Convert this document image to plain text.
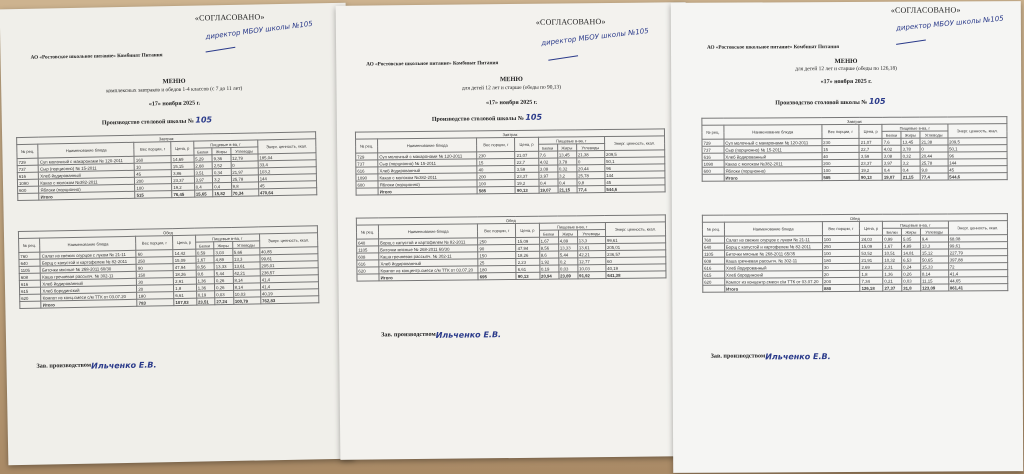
«СОГЛАСОВАНО»
директор МБОУ школы №105
АО «Ростовское школьное питание» Комбинат Питания
МЕНЮ
комплексных завтраков и обедов 1-4 классов (с 7 до 11 лет)
«17» ноября 2025 г.
Производство столовой школы № 105
Завтрак							
№ рец.	Наименование блюда	Вес порции, г	Цена, р	Пищевые в-ва, г			Энерг. ценность, ккал.
				Белки	Жиры	Углеводы	
729	Суп молочный с макаронами № 120-2011	160	14,69	5,29	9,36	12,79	185,04
737	Сыр (порционно) № 15-2011	10	15,15	2,68	2,52	0	33,4
616	Хлеб йодированный	45	3,86	3,51	0,34	21,97	103,2
1090	Какао с молоком №382-2011	200	23,37	3,97	3,2	25,78	144
600	Яблоки (порционно)	100	19,2	0,4	0,4	9,8	45
	Итого	515	76,45	15,65	15,82	70,34	470,64
Обед							
№ рец.	Наименование блюда	Вес порции, г	Цена, р	Пищевые в-ва, г			Энерг. ценность, ккал.
				Белки	Жиры	Углеводы	
760	Салат из свежих огурцов с луком № 21-11	60	14,42	0,59	3,03	5,66	40,85
640	Борщ с капустой и картофелем № 82-2011	250	15,09	1,67	4,89	13,3	99,61
1105	Биточки мясные № 268-2011 60/30	90	47,94	8,56	13,33	13,61	205,01
608	Каша гречневая рассыпч. № 302-11	150	18,26	8,6	5,44	42,21	236,57
616	Хлеб йодированный	30	2,91	1,36	0,26	8,14	41,4
615	Хлеб бородинский	20	1,8	1,36	0,26	8,14	41,4
620	Компот из конц.смеси с/м ТТК от 03.07.20	180	6,61	0,19	0,03	10,03	40,19
	Итого	783	107,03	23,51	27,24	100,79	762,83
Зав. производством Ильченко Е.В.
«СОГЛАСОВАНО»
директор МБОУ школы №105
АО «Ростовское школьное питание» Комбинат Питания
МЕНЮ
для детей 12 лет и старше (обеды по 90,13)
«17» ноября 2025 г.
Производство столовой школы № 105
Завтрак							
№ рец.	Наименование блюда	Вес порции, г	Цена, р	Пищевые в-ва, г			Энерг. ценность, ккал.
				Белки	Жиры	Углеводы	
729	Суп молочный с макаронами № 120-2011	230	21,07	7,6	13,45	21,38	209,5
737	Сыр (порционно) № 15-2011	15	22,7	4,02	3,78	0	50,1
616	Хлеб йодированный	40	3,59	3,08	0,32	20,44	96
1090	Какао с молоком №382-2011	200	23,37	3,97	3,2	25,78	144
600	Яблоки (порционно)	100	19,2	0,4	0,4	9,8	45
	Итого	585	90,13	19,07	21,15	77,4	544,6
Обед							
№ рец.	Наименование блюда	Вес порции, г	Цена, р	Пищевые в-ва, г			Энерг. ценность, ккал.
				Белки	Жиры	Углеводы	
640	Борщ с капустой и картофелем № 82-2011	250	15,09	1,67	4,89	13,3	99,61
1105	Биточки мясные № 268-2011 60/30	90	47,94	8,56	13,33	13,61	205,01
608	Каша гречневая рассыпч. № 302-11	150	18,26	8,6	5,44	42,21	236,57
616	Хлеб йодированный	25	2,23	1,92	0,2	12,77	60
620	Компот из концентр.смеси с/м ТТК от 03.07.20	180	6,61	0,19	0,03	10,03	40,19
	Итого	695	90,13	20,94	23,89	91,92	641,38
Зав. производством Ильченко Е.В.
«СОГЛАСОВАНО»
директор МБОУ школы №105
АО «Ростовское школьное питание» Комбинат Питания
МЕНЮ
для детей 12 лет и старше (обеды по 126,18)
«17» ноября 2025 г.
Производство столовой школы № 105
Завтрак							
№ рец.	Наименование блюда	Вес порции, г	Цена, р	Пищевые в-ва, г			Энерг. ценность, ккал.
				Белки	Жиры	Углеводы	
729	Суп молочный с макаронами № 120-2011	230	21,07	7,6	13,45	21,38	209,5
737	Сыр (порционно) № 15-2011	15	22,7	4,02	3,78	0	50,1
616	Хлеб йодированный	40	3,59	3,08	0,32	20,44	96
1090	Какао с молоком №382-2011	200	23,37	3,97	3,2	25,78	144
600	Яблоки (порционно)	100	19,2	0,4	0,4	9,8	45
	Итого	585	90,13	19,07	21,15	77,4	544,6
Обед							
№ рец.	Наименование блюда	Вес порции, г	Цена, р	Пищевые в-ва, г			Энерг. ценность, ккал.
				Белки	Жиры	Углеводы	
760	Салат из свежих огурцов с луком № 21-11	100	24,03	0,99	5,05	9,4	68,08
640	Борщ с капустой и картофелем № 82-2011	250	15,09	1,67	4,89	13,3	99,61
1105	Биточки мясные № 268-2011 65/35	100	53,52	10,51	14,81	15,12	227,79
608	Каша гречневая рассыпч. № 302-11	180	21,91	10,32	6,53	50,65	397,88
616	Хлеб йодированный	30	2,69	2,31	0,24	15,33	72
615	Хлеб бородинский	20	1,8	1,36	0,26	8,14	41,4
620	Компот из концентр.смеси с/м ТТК от 03.07.20	200	7,34	0,21	0,03	11,15	44,65
	Итого	880	126,18	27,37	31,8	123,09	861,41
Зав. производством Ильченко Е.В.
